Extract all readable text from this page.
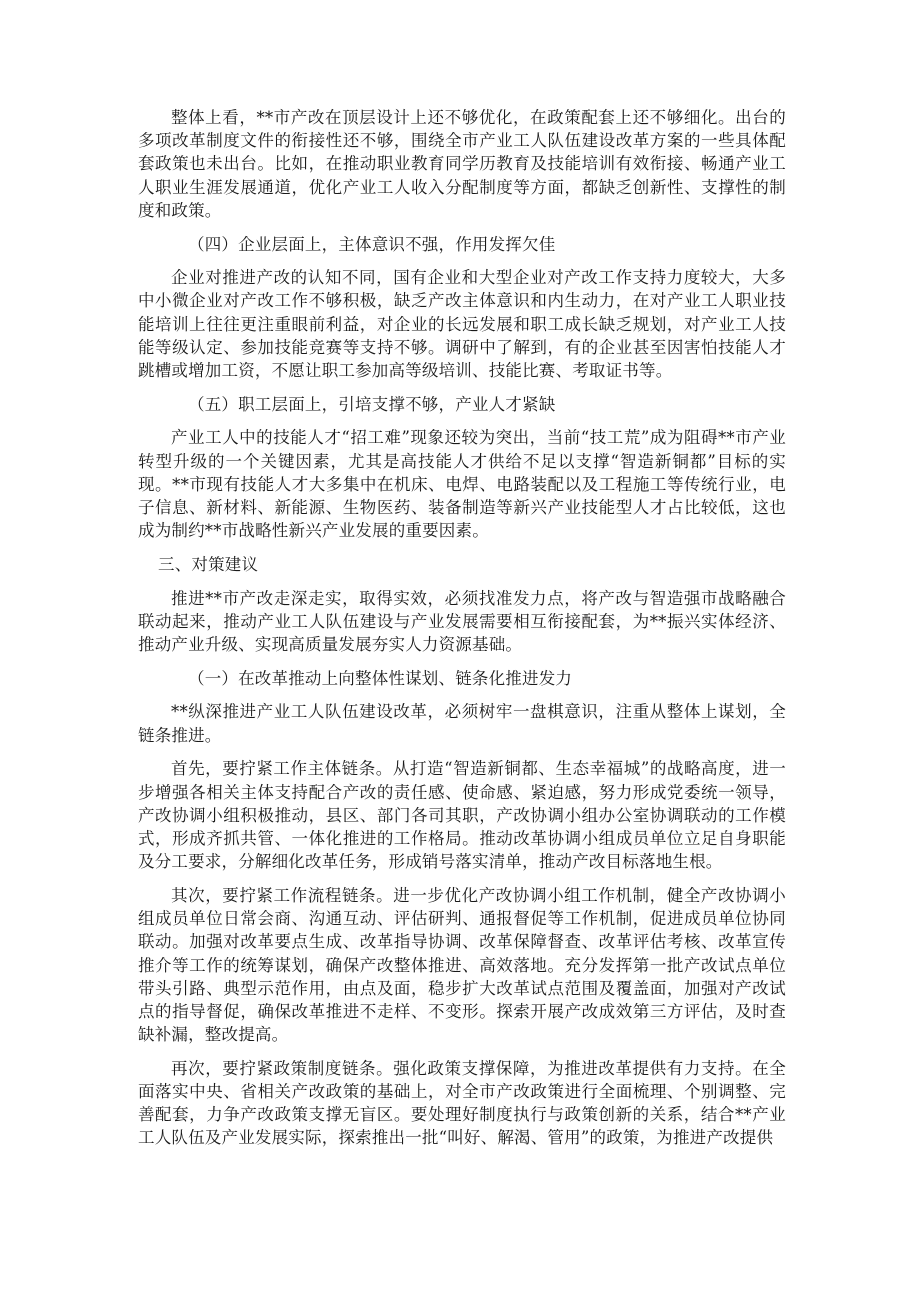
整体上看，**市产改在顶层设计上还不够优化，在政策配套上还不够细化。出台的多项改革制度文件的衔接性还不够，围绕全市产业工人队伍建设改革方案的一些具体配套政策也未出台。比如，在推动职业教育同学历教育及技能培训有效衔接、畅通产业工人职业生涯发展通道，优化产业工人收入分配制度等方面，都缺乏创新性、支撑性的制度和政策。

（四）企业层面上，主体意识不强，作用发挥欠佳

企业对推进产改的认知不同，国有企业和大型企业对产改工作支持力度较大，大多中小微企业对产改工作不够积极，缺乏产改主体意识和内生动力，在对产业工人职业技能培训上往往更注重眼前利益，对企业的长远发展和职工成长缺乏规划，对产业工人技能等级认定、参加技能竞赛等支持不够。调研中了解到，有的企业甚至因害怕技能人才跳槽或增加工资，不愿让职工参加高等级培训、技能比赛、考取证书等。

（五）职工层面上，引培支撑不够，产业人才紧缺

产业工人中的技能人才“招工难”现象还较为突出，当前“技工荒”成为阻碍**市产业转型升级的一个关键因素，尤其是高技能人才供给不足以支撑“智造新铜都”目标的实现。**市现有技能人才大多集中在机床、电焊、电路装配以及工程施工等传统行业，电子信息、新材料、新能源、生物医药、装备制造等新兴产业技能型人才占比较低，这也成为制约**市战略性新兴产业发展的重要因素。

三、对策建议

推进**市产改走深走实，取得实效，必须找准发力点，将产改与智造强市战略融合联动起来，推动产业工人队伍建设与产业发展需要相互衔接配套，为**振兴实体经济、推动产业升级、实现高质量发展夯实人力资源基础。

（一）在改革推动上向整体性谋划、链条化推进发力

**纵深推进产业工人队伍建设改革，必须树牢一盘棋意识，注重从整体上谋划，全链条推进。

首先，要拧紧工作主体链条。从打造“智造新铜都、生态幸福城”的战略高度，进一步增强各相关主体支持配合产改的责任感、使命感、紧迫感，努力形成党委统一领导，产改协调小组积极推动，县区、部门各司其职，产改协调小组办公室协调联动的工作模式，形成齐抓共管、一体化推进的工作格局。推动改革协调小组成员单位立足自身职能及分工要求，分解细化改革任务，形成销号落实清单，推动产改目标落地生根。

其次，要拧紧工作流程链条。进一步优化产改协调小组工作机制，健全产改协调小组成员单位日常会商、沟通互动、评估研判、通报督促等工作机制，促进成员单位协同联动。加强对改革要点生成、改革指导协调、改革保障督查、改革评估考核、改革宣传推介等工作的统筹谋划，确保产改整体推进、高效落地。充分发挥第一批产改试点单位带头引路、典型示范作用，由点及面，稳步扩大改革试点范围及覆盖面，加强对产改试点的指导督促，确保改革推进不走样、不变形。探索开展产改成效第三方评估，及时查缺补漏，整改提高。

再次，要拧紧政策制度链条。强化政策支撑保障，为推进改革提供有力支持。在全面落实中央、省相关产改政策的基础上，对全市产改政策进行全面梳理、个别调整、完善配套，力争产改政策支撑无盲区。要处理好制度执行与政策创新的关系，结合**产业工人队伍及产业发展实际，探索推出一批“叫好、解渴、管用”的政策，为推进产改提供
